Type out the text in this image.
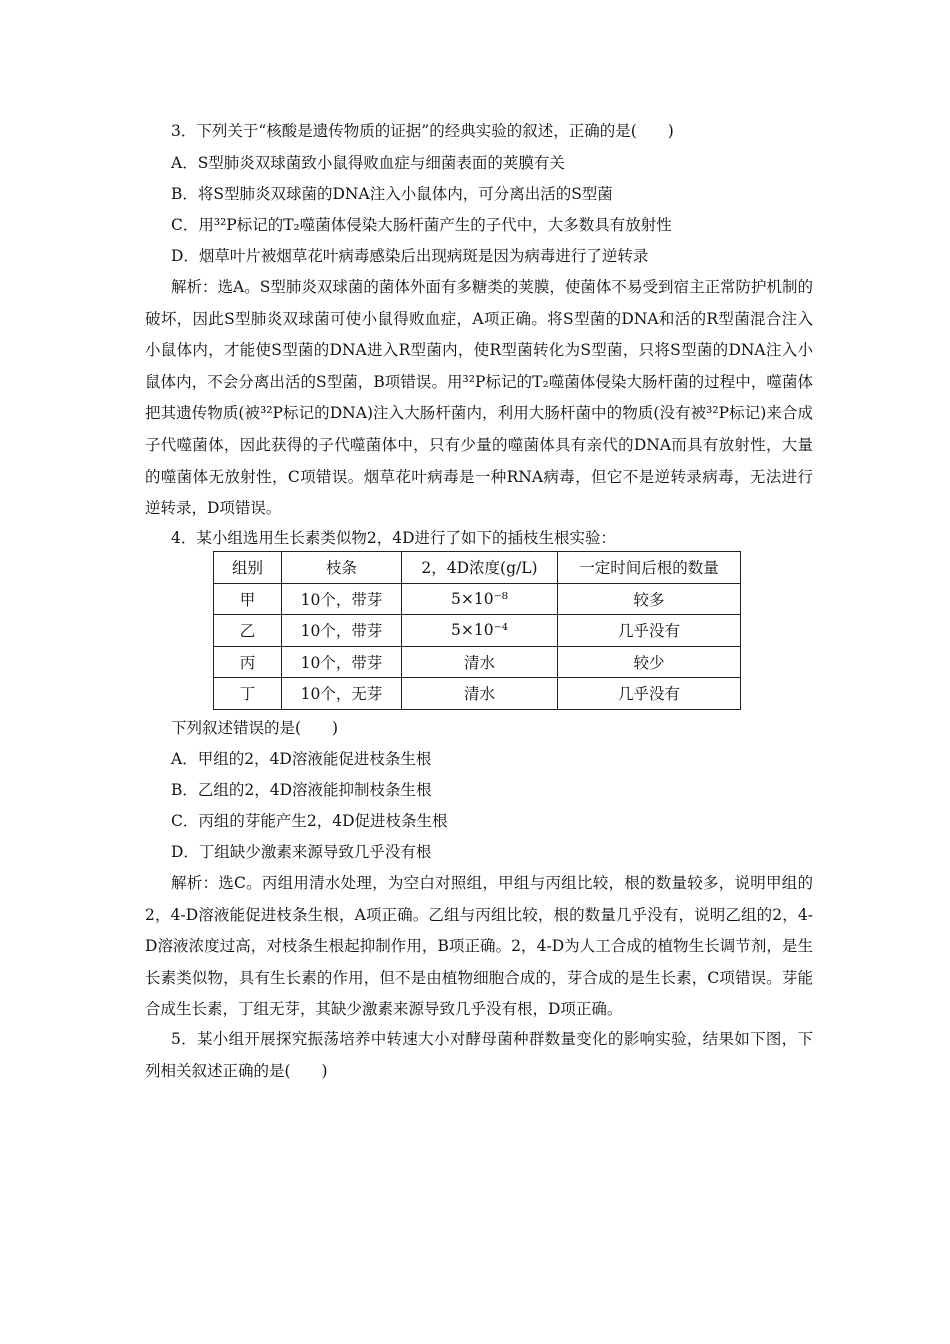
3．下列关于“核酸是遗传物质的证据”的经典实验的叙述，正确的是(　　)
A．S型肺炎双球菌致小鼠得败血症与细菌表面的荚膜有关
B．将S型肺炎双球菌的DNA注入小鼠体内，可分离出活的S型菌
C．用³²P标记的T₂噬菌体侵染大肠杆菌产生的子代中，大多数具有放射性
D．烟草叶片被烟草花叶病毒感染后出现病斑是因为病毒进行了逆转录

解析：选A。S型肺炎双球菌的菌体外面有多糖类的荚膜，使菌体不易受到宿主正常防护机制的破坏，因此S型肺炎双球菌可使小鼠得败血症，A项正确。将S型菌的DNA和活的R型菌混合注入小鼠体内，才能使S型菌的DNA进入R型菌内，使R型菌转化为S型菌，只将S型菌的DNA注入小鼠体内，不会分离出活的S型菌，B项错误。用³²P标记的T₂噬菌体侵染大肠杆菌的过程中，噬菌体把其遗传物质(被³²P标记的DNA)注入大肠杆菌内，利用大肠杆菌中的物质(没有被³²P标记)来合成子代噬菌体，因此获得的子代噬菌体中，只有少量的噬菌体具有亲代的DNA而具有放射性，大量的噬菌体无放射性，C项错误。烟草花叶病毒是一种RNA病毒，但它不是逆转录病毒，无法进行逆转录，D项错误。

4．某小组选用生长素类似物2，4D进行了如下的插枝生根实验：
组别	枝条	2，4D浓度(g/L)	一定时间后根的数量
甲	10个，带芽	5×10⁻⁸	较多
乙	10个，带芽	5×10⁻⁴	几乎没有
丙	10个，带芽	清水	较少
丁	10个，无芽	清水	几乎没有
下列叙述错误的是(　　)
A．甲组的2，4D溶液能促进枝条生根
B．乙组的2，4D溶液能抑制枝条生根
C．丙组的芽能产生2，4D促进枝条生根
D．丁组缺少激素来源导致几乎没有根

解析：选C。丙组用清水处理，为空白对照组，甲组与丙组比较，根的数量较多，说明甲组的2，4-D溶液能促进枝条生根，A项正确。乙组与丙组比较，根的数量几乎没有，说明乙组的2，4-D溶液浓度过高，对枝条生根起抑制作用，B项正确。2，4-D为人工合成的植物生长调节剂，是生长素类似物，具有生长素的作用，但不是由植物细胞合成的，芽合成的是生长素，C项错误。芽能合成生长素，丁组无芽，其缺少激素来源导致几乎没有根，D项正确。

5．某小组开展探究振荡培养中转速大小对酵母菌种群数量变化的影响实验，结果如下图，下列相关叙述正确的是(　　)
